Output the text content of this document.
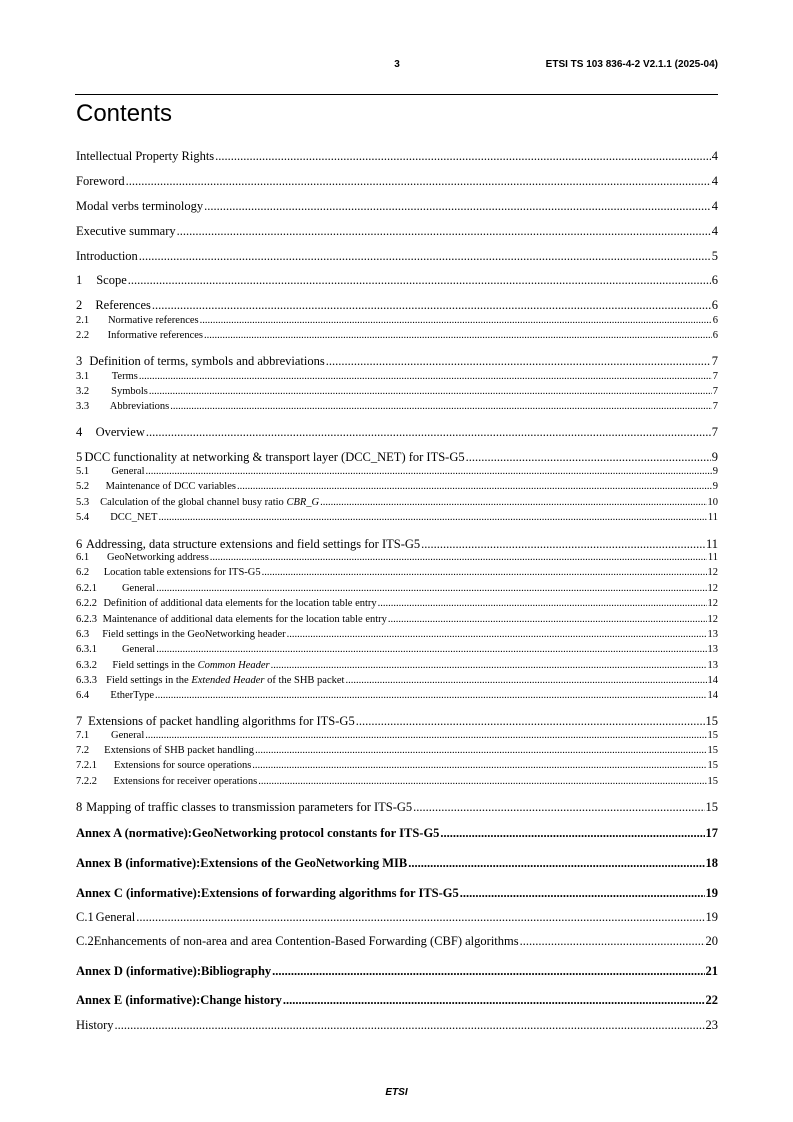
3	ETSI TS 103 836-4-2 V2.1.1 (2025-04)
Contents
Intellectual Property Rights .....	4
Foreword .....	4
Modal verbs terminology .....	4
Executive summary .....	4
Introduction .....	5
1	Scope .....	6
2	References .....	6
2.1	Normative references .....	6
2.2	Informative references .....	6
3 Definition of terms, symbols and abbreviations .....	7
3.1	Terms .....	7
3.2	Symbols .....	7
3.3	Abbreviations .....	7
4	Overview .....	7
5 DCC functionality at networking & transport layer (DCC_NET) for ITS-G5 .....	9
5.1	General .....	9
5.2	Maintenance of DCC variables .....	9
5.3	Calculation of the global channel busy ratio CBR_G .....	10
5.4	DCC_NET .....	11
6 Addressing, data structure extensions and field settings for ITS-G5 .....	11
6.1	GeoNetworking address .....	11
6.2	Location table extensions for ITS-G5 .....	12
6.2.1	General .....	12
6.2.2 Definition of additional data elements for the location table entry .....	12
6.2.3 Maintenance of additional data elements for the location table entry .....	12
6.3	Field settings in the GeoNetworking header .....	13
6.3.1	General .....	13
6.3.2	Field settings in the Common Header .....	13
6.3.3 Field settings in the Extended Header of the SHB packet .....	14
6.4	EtherType .....	14
7 Extensions of packet handling algorithms for ITS-G5 .....	15
7.1	General .....	15
7.2	Extensions of SHB packet handling .....	15
7.2.1	Extensions for source operations .....	15
7.2.2	Extensions for receiver operations .....	15
8 Mapping of traffic classes to transmission parameters for ITS-G5 .....	15
Annex A (normative): GeoNetworking protocol constants for ITS-G5 .....	17
Annex B (informative): Extensions of the GeoNetworking MIB .....	18
Annex C (informative): Extensions of forwarding algorithms for ITS-G5 .....	19
C.1 General .....	19
C.2 Enhancements of non-area and area Contention-Based Forwarding (CBF) algorithms .....	20
Annex D (informative): Bibliography .....	21
Annex E (informative): Change history .....	22
History .....	23
ETSI
